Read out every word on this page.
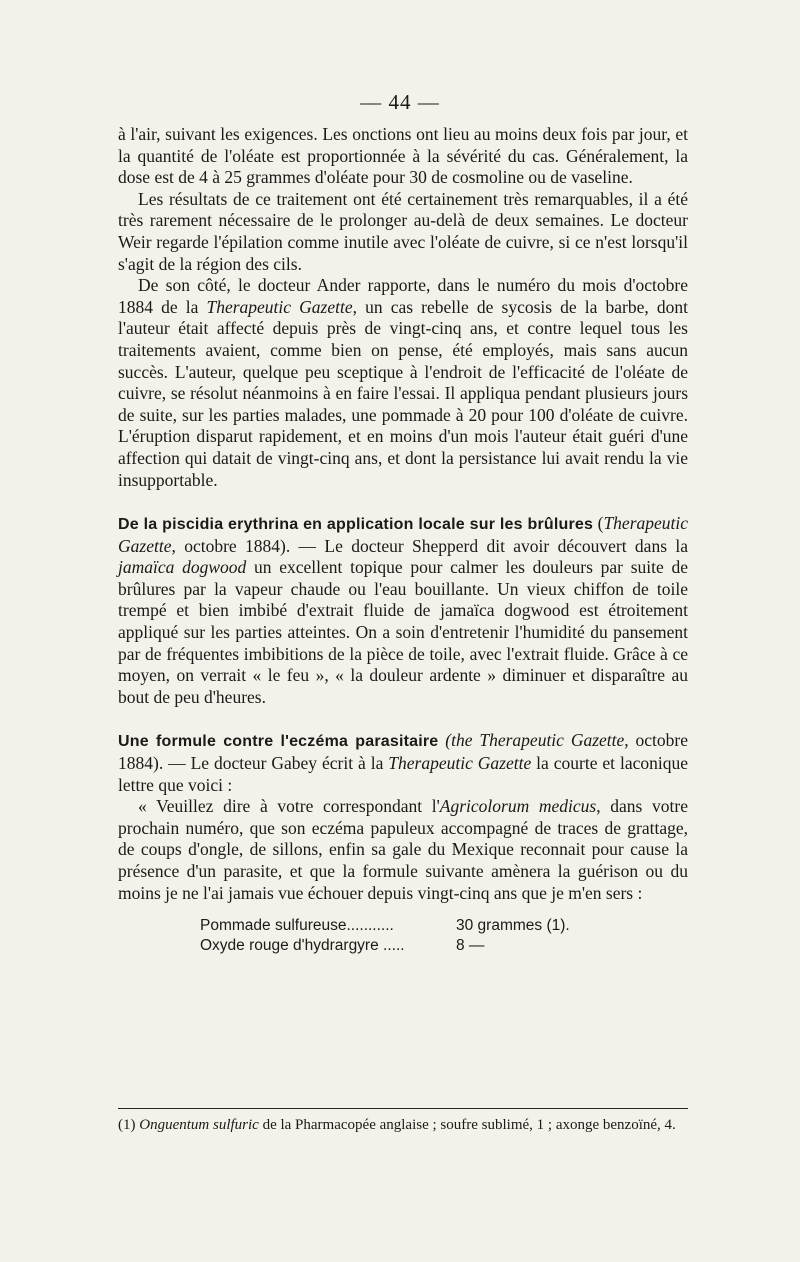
— 44 —

à l'air, suivant les exigences. Les onctions ont lieu au moins deux fois par jour, et la quantité de l'oléate est proportionnée à la sévérité du cas. Généralement, la dose est de 4 à 25 grammes d'oléate pour 30 de cosmoline ou de vaseline.

Les résultats de ce traitement ont été certainement très remarquables, il a été très rarement nécessaire de le prolonger au-delà de deux semaines. Le docteur Weir regarde l'épilation comme inutile avec l'oléate de cuivre, si ce n'est lorsqu'il s'agit de la région des cils.

De son côté, le docteur Ander rapporte, dans le numéro du mois d'octobre 1884 de la Therapeutic Gazette, un cas rebelle de sycosis de la barbe, dont l'auteur était affecté depuis près de vingt-cinq ans, et contre lequel tous les traitements avaient, comme bien on pense, été employés, mais sans aucun succès. L'auteur, quelque peu sceptique à l'endroit de l'efficacité de l'oléate de cuivre, se résolut néanmoins à en faire l'essai. Il appliqua pendant plusieurs jours de suite, sur les parties malades, une pommade à 20 pour 100 d'oléate de cuivre. L'éruption disparut rapidement, et en moins d'un mois l'auteur était guéri d'une affection qui datait de vingt-cinq ans, et dont la persistance lui avait rendu la vie insupportable.

De la piscidia erythrina en application locale sur les brûlures (Therapeutic Gazette, octobre 1884). — Le docteur Shepperd dit avoir découvert dans la jamaïca dogwood un excellent topique pour calmer les douleurs par suite de brûlures par la vapeur chaude ou l'eau bouillante. Un vieux chiffon de toile trempé et bien imbibé d'extrait fluide de jamaïca dogwood est étroitement appliqué sur les parties atteintes. On a soin d'entretenir l'humidité du pansement par de fréquentes imbibitions de la pièce de toile, avec l'extrait fluide. Grâce à ce moyen, on verrait « le feu », « la douleur ardente » diminuer et disparaître au bout de peu d'heures.

Une formule contre l'eczéma parasitaire (the Therapeutic Gazette, octobre 1884). — Le docteur Gabey écrit à la Therapeutic Gazette la courte et laconique lettre que voici :

« Veuillez dire à votre correspondant l'Agricolorum medicus, dans votre prochain numéro, que son eczéma papuleux accompagné de traces de grattage, de coups d'ongle, de sillons, enfin sa gale du Mexique reconnait pour cause la présence d'un parasite, et que la formule suivante amènera la guérison ou du moins je ne l'ai jamais vue échouer depuis vingt-cinq ans que je m'en sers :

Pommade sulfureuse...........	30 grammes (1).
Oxyde rouge d'hydrargyre .....	8 —
(1) Onguentum sulfuric de la Pharmacopée anglaise ; soufre sublimé, 1 ; axonge benzoïné, 4.
